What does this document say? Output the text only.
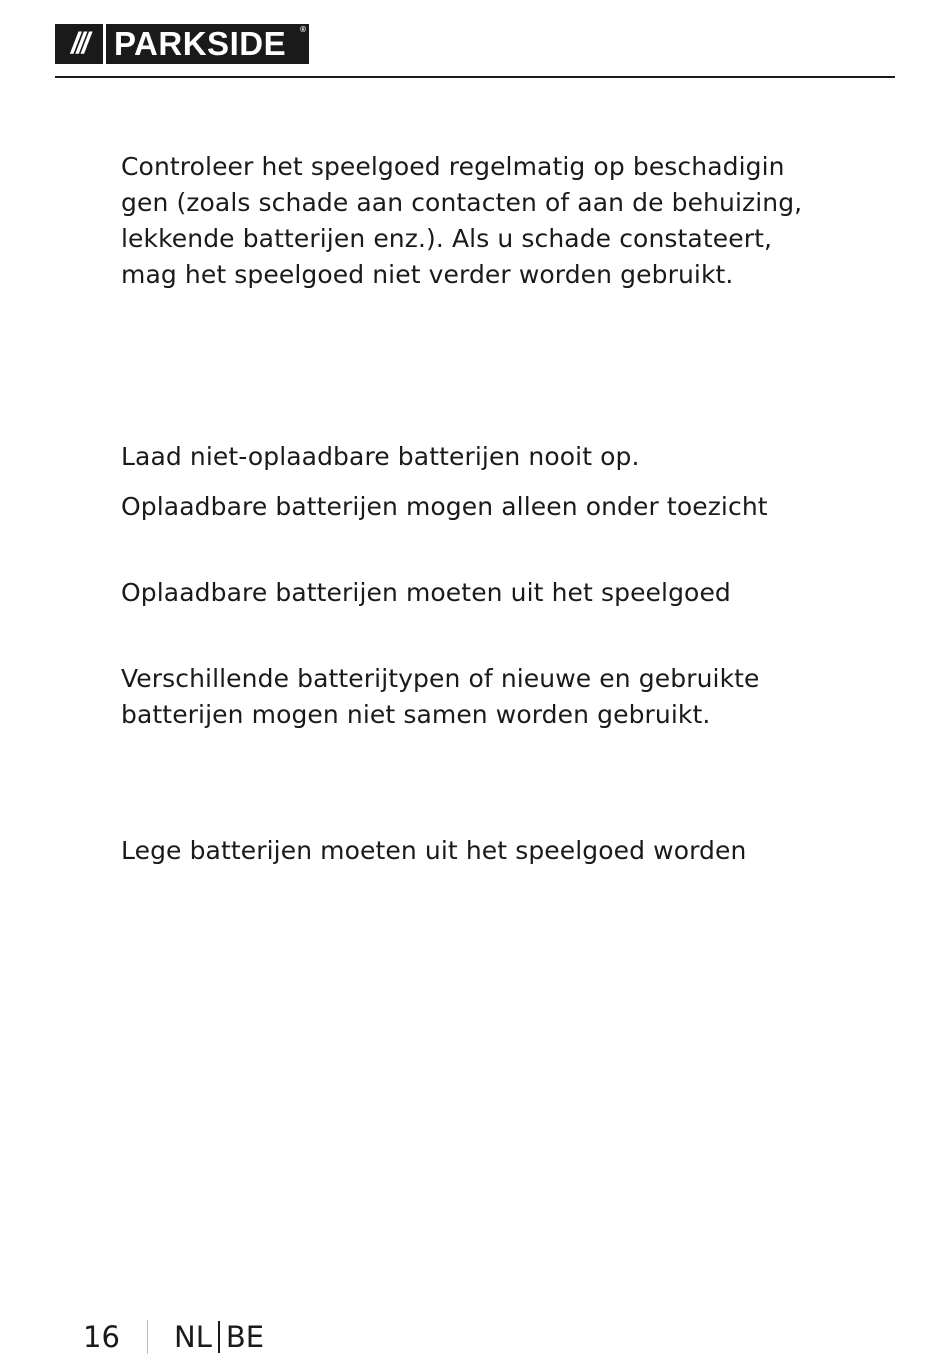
/// PARKSIDE ®

Controleer het speelgoed regelmatig op beschadigin
gen (zoals schade aan contacten of aan de behuizing,
lekkende batterijen enz.). Als u schade constateert,
mag het speelgoed niet verder worden gebruikt.

Laad niet-oplaadbare batterijen nooit op.

Oplaadbare batterijen mogen alleen onder toezicht

Oplaadbare batterijen moeten uit het speelgoed

Verschillende batterijtypen of nieuwe en gebruikte
batterijen mogen niet samen worden gebruikt.

Lege batterijen moeten uit het speelgoed worden

16	NL BE
